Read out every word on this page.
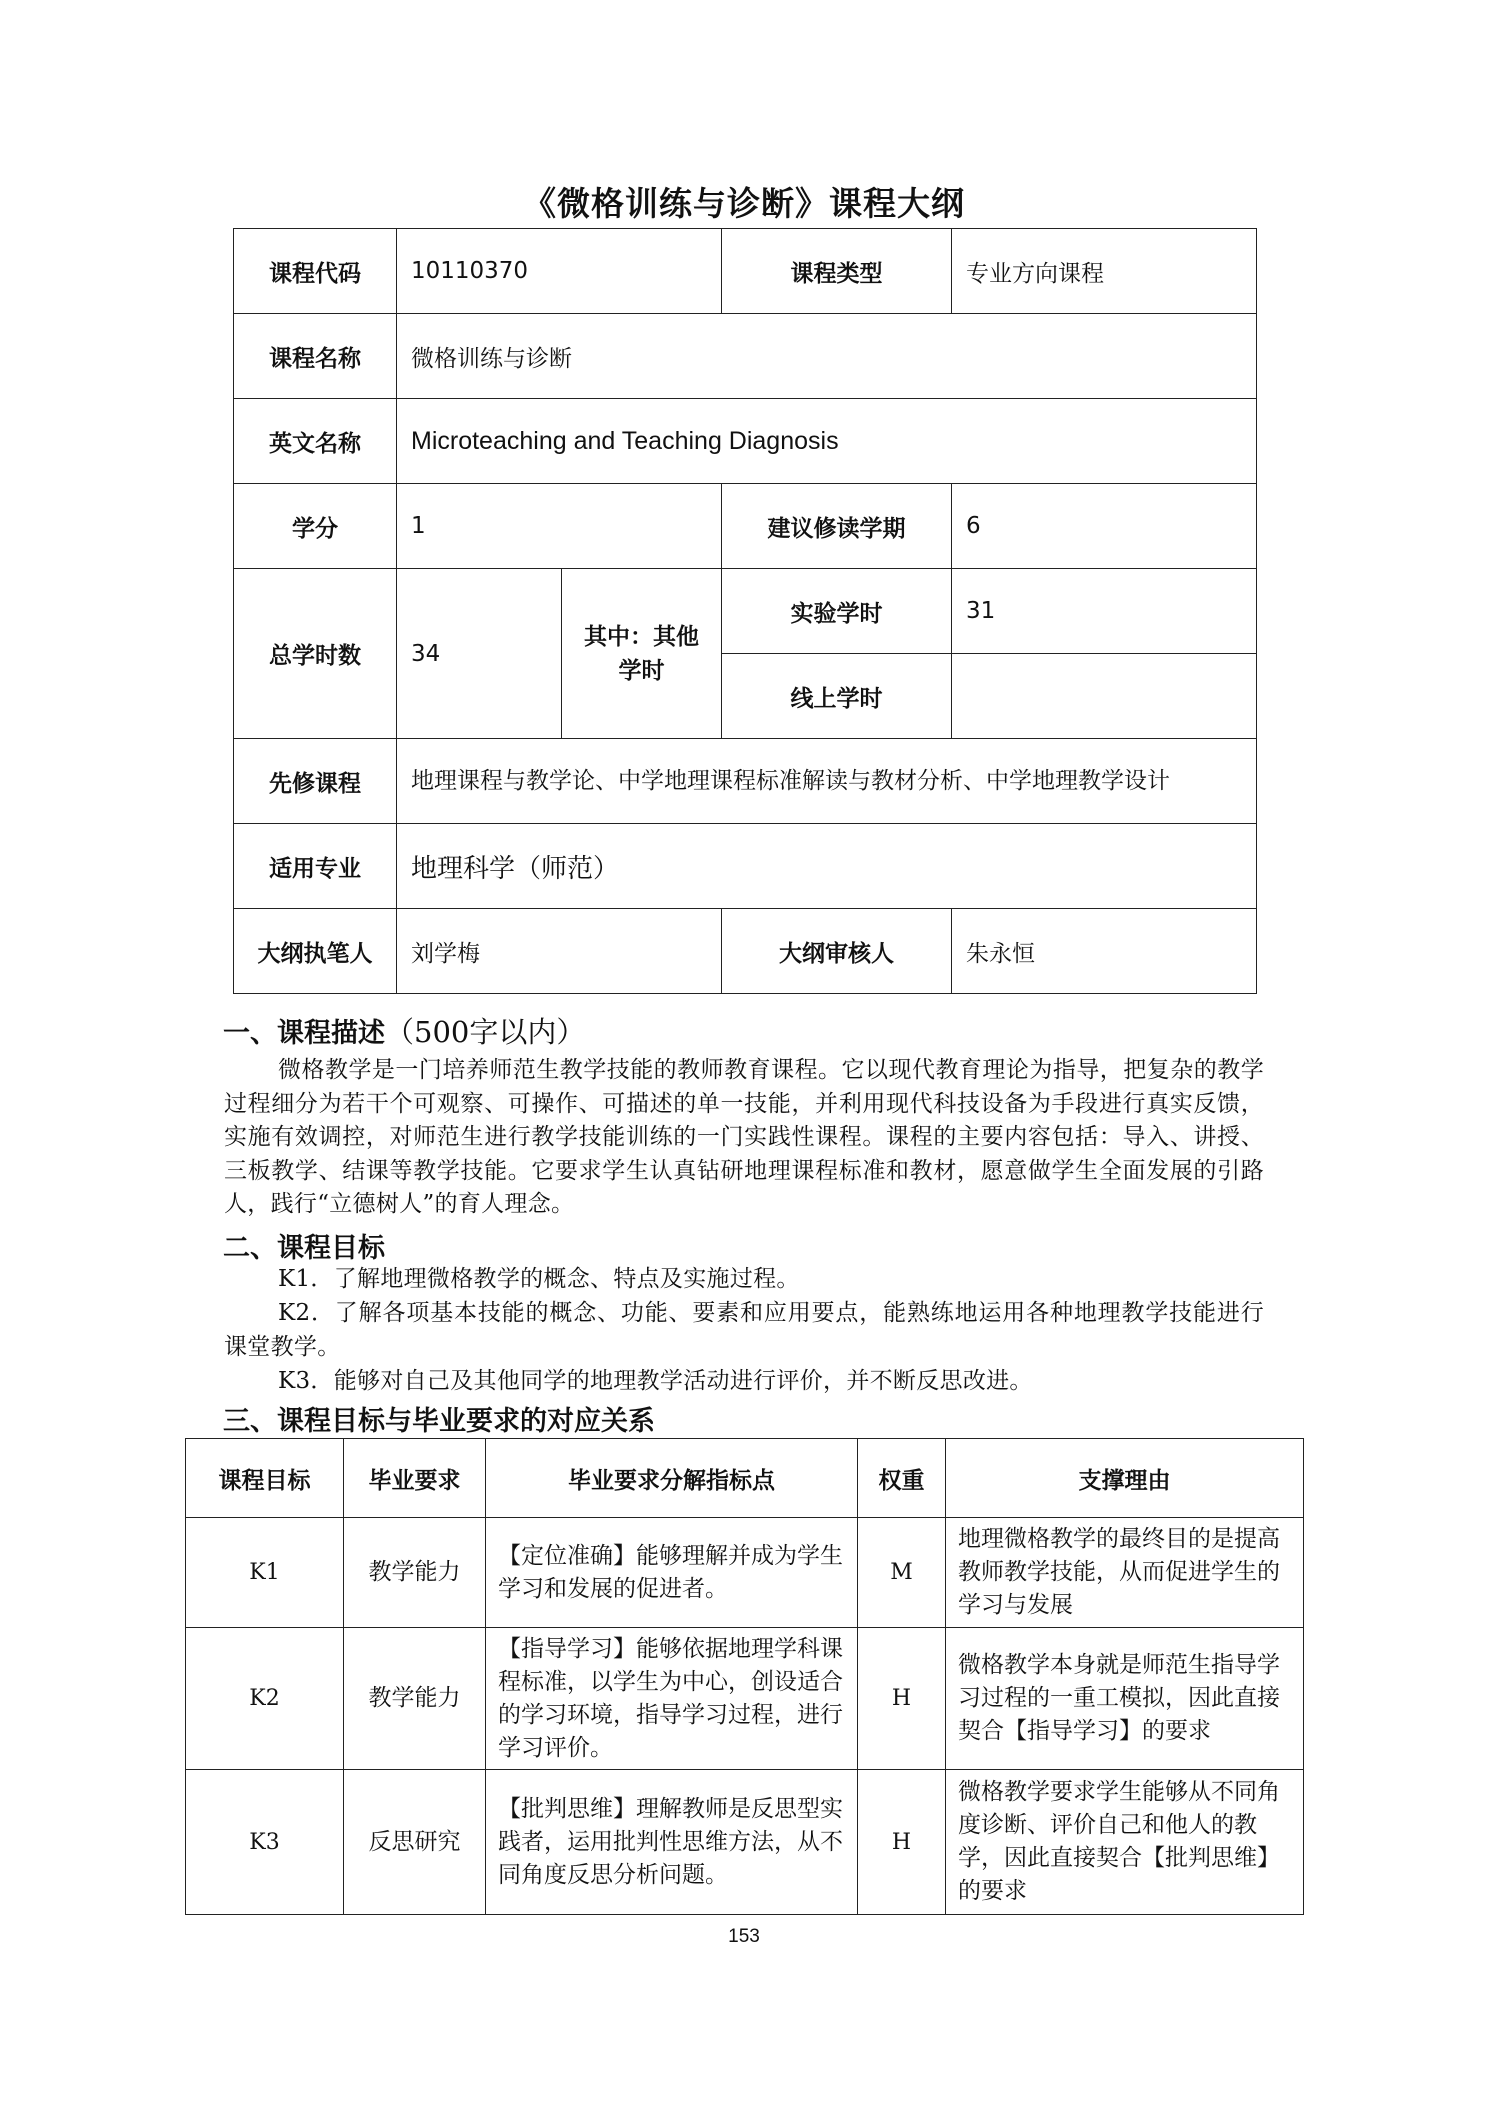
《微格训练与诊断》课程大纲
课程代码	10110370		课程类型	专业方向课程
课程名称	微格训练与诊断			
英文名称	Microteaching and Teaching Diagnosis			
学分	1		建议修读学期	6
总学时数	34	其中：其他学时	实验学时	31
			线上学时	
先修课程	地理课程与教学论、中学地理课程标准解读与教材分析、中学地理教学设计			
适用专业	地理科学（师范）			
大纲执笔人	刘学梅		大纲审核人	朱永恒
一、课程描述（500字以内）
微格教学是一门培养师范生教学技能的教师教育课程。它以现代教育理论为指导，把复杂的教学过程细分为若干个可观察、可操作、可描述的单一技能，并利用现代科技设备为手段进行真实反馈，实施有效调控，对师范生进行教学技能训练的一门实践性课程。课程的主要内容包括：导入、讲授、三板教学、结课等教学技能。它要求学生认真钻研地理课程标准和教材，愿意做学生全面发展的引路人，践行“立德树人”的育人理念。
二、课程目标
K1．了解地理微格教学的概念、特点及实施过程。
K2．了解各项基本技能的概念、功能、要素和应用要点，能熟练地运用各种地理教学技能进行课堂教学。
K3．能够对自己及其他同学的地理教学活动进行评价，并不断反思改进。
三、课程目标与毕业要求的对应关系
课程目标	毕业要求	毕业要求分解指标点	权重	支撑理由
K1	教学能力	【定位准确】能够理解并成为学生学习和发展的促进者。	M	地理微格教学的最终目的是提高教师教学技能，从而促进学生的学习与发展
K2	教学能力	【指导学习】能够依据地理学科课程标准，以学生为中心，创设适合的学习环境，指导学习过程，进行学习评价。	H	微格教学本身就是师范生指导学习过程的一重工模拟，因此直接契合【指导学习】的要求
K3	反思研究	【批判思维】理解教师是反思型实践者，运用批判性思维方法，从不同角度反思分析问题。	H	微格教学要求学生能够从不同角度诊断、评价自己和他人的教学，因此直接契合【批判思维】的要求
153
